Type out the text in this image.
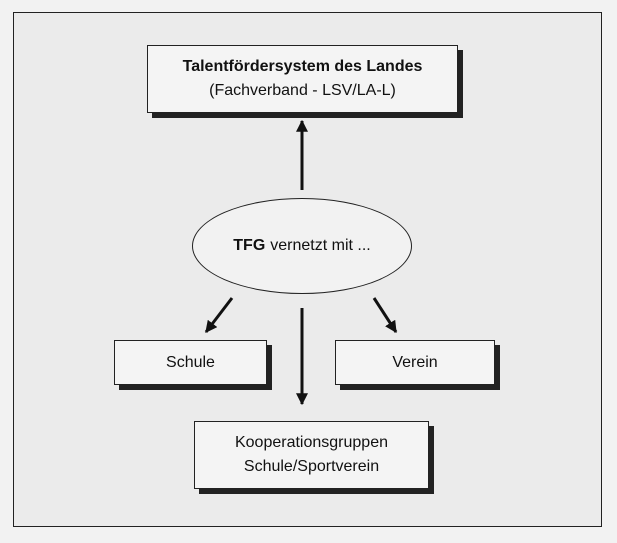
Talentfördersystem des Landes
(Fachverband - LSV/LA-L)
TFG vernetzt mit ...
Schule	Verein
Kooperationsgruppen
Schule/Sportverein
